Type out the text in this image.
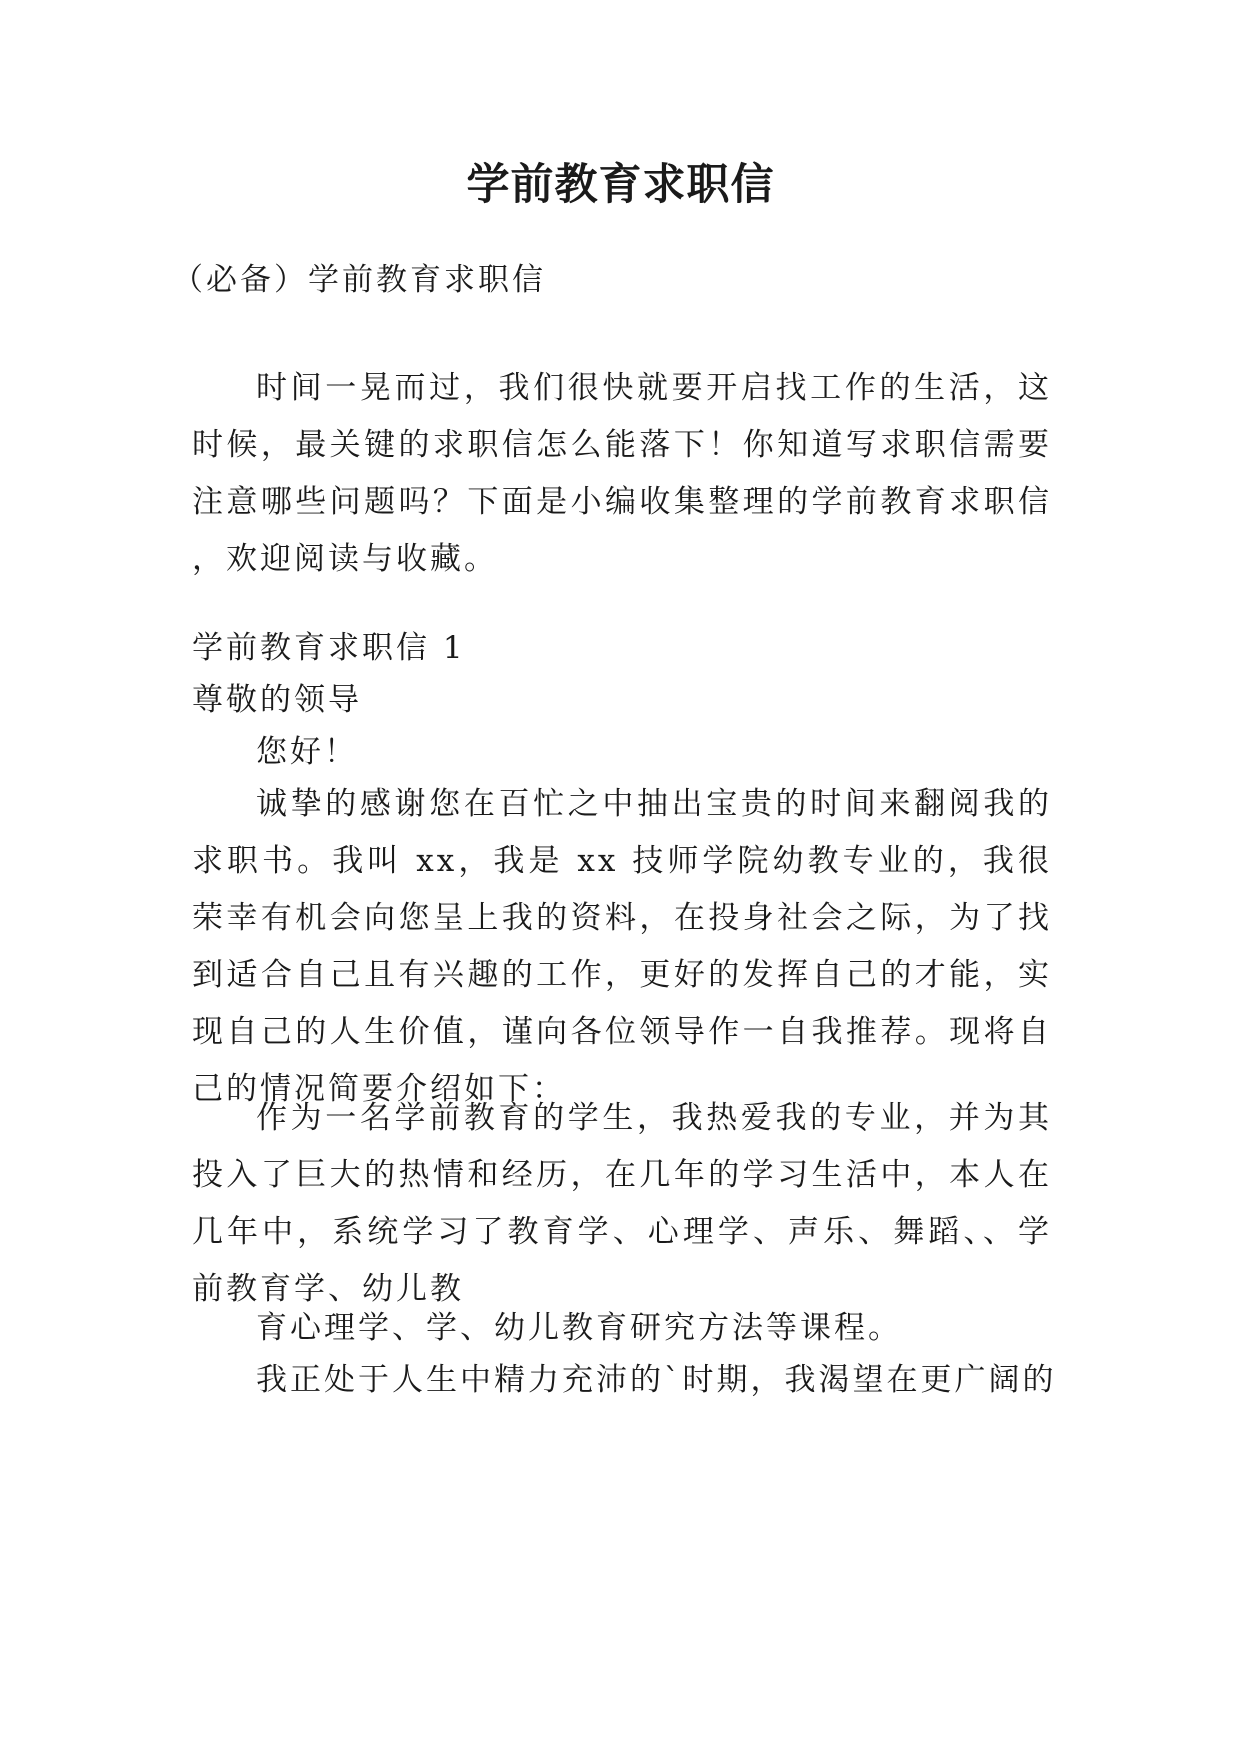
学前教育求职信

（必备）学前教育求职信

时间一晃而过，我们很快就要开启找工作的生活，这时候，最关键的求职信怎么能落下！你知道写求职信需要注意哪些问题吗？下面是小编收集整理的学前教育求职信 ，欢迎阅读与收藏。

学前教育求职信 1

尊敬的领导

您好！

诚挚的感谢您在百忙之中抽出宝贵的时间来翻阅我的求职书。我叫 xx，我是 xx 技师学院幼教专业的，我很荣幸有机会向您呈上我的资料，在投身社会之际，为了找到适合自己且有兴趣的工作，更好的发挥自己的才能，实现自己的人生价值，谨向各位领导作一自我推荐。现将自己的情况简要介绍如下：

作为一名学前教育的学生，我热爱我的专业，并为其投入了巨大的热情和经历，在几年的学习生活中，本人在几年中，系统学习了教育学、心理学、声乐、舞蹈、、学前教育学、幼儿教

育心理学、学、幼儿教育研究方法等课程。

我正处于人生中精力充沛的`时期，我渴望在更广阔的
